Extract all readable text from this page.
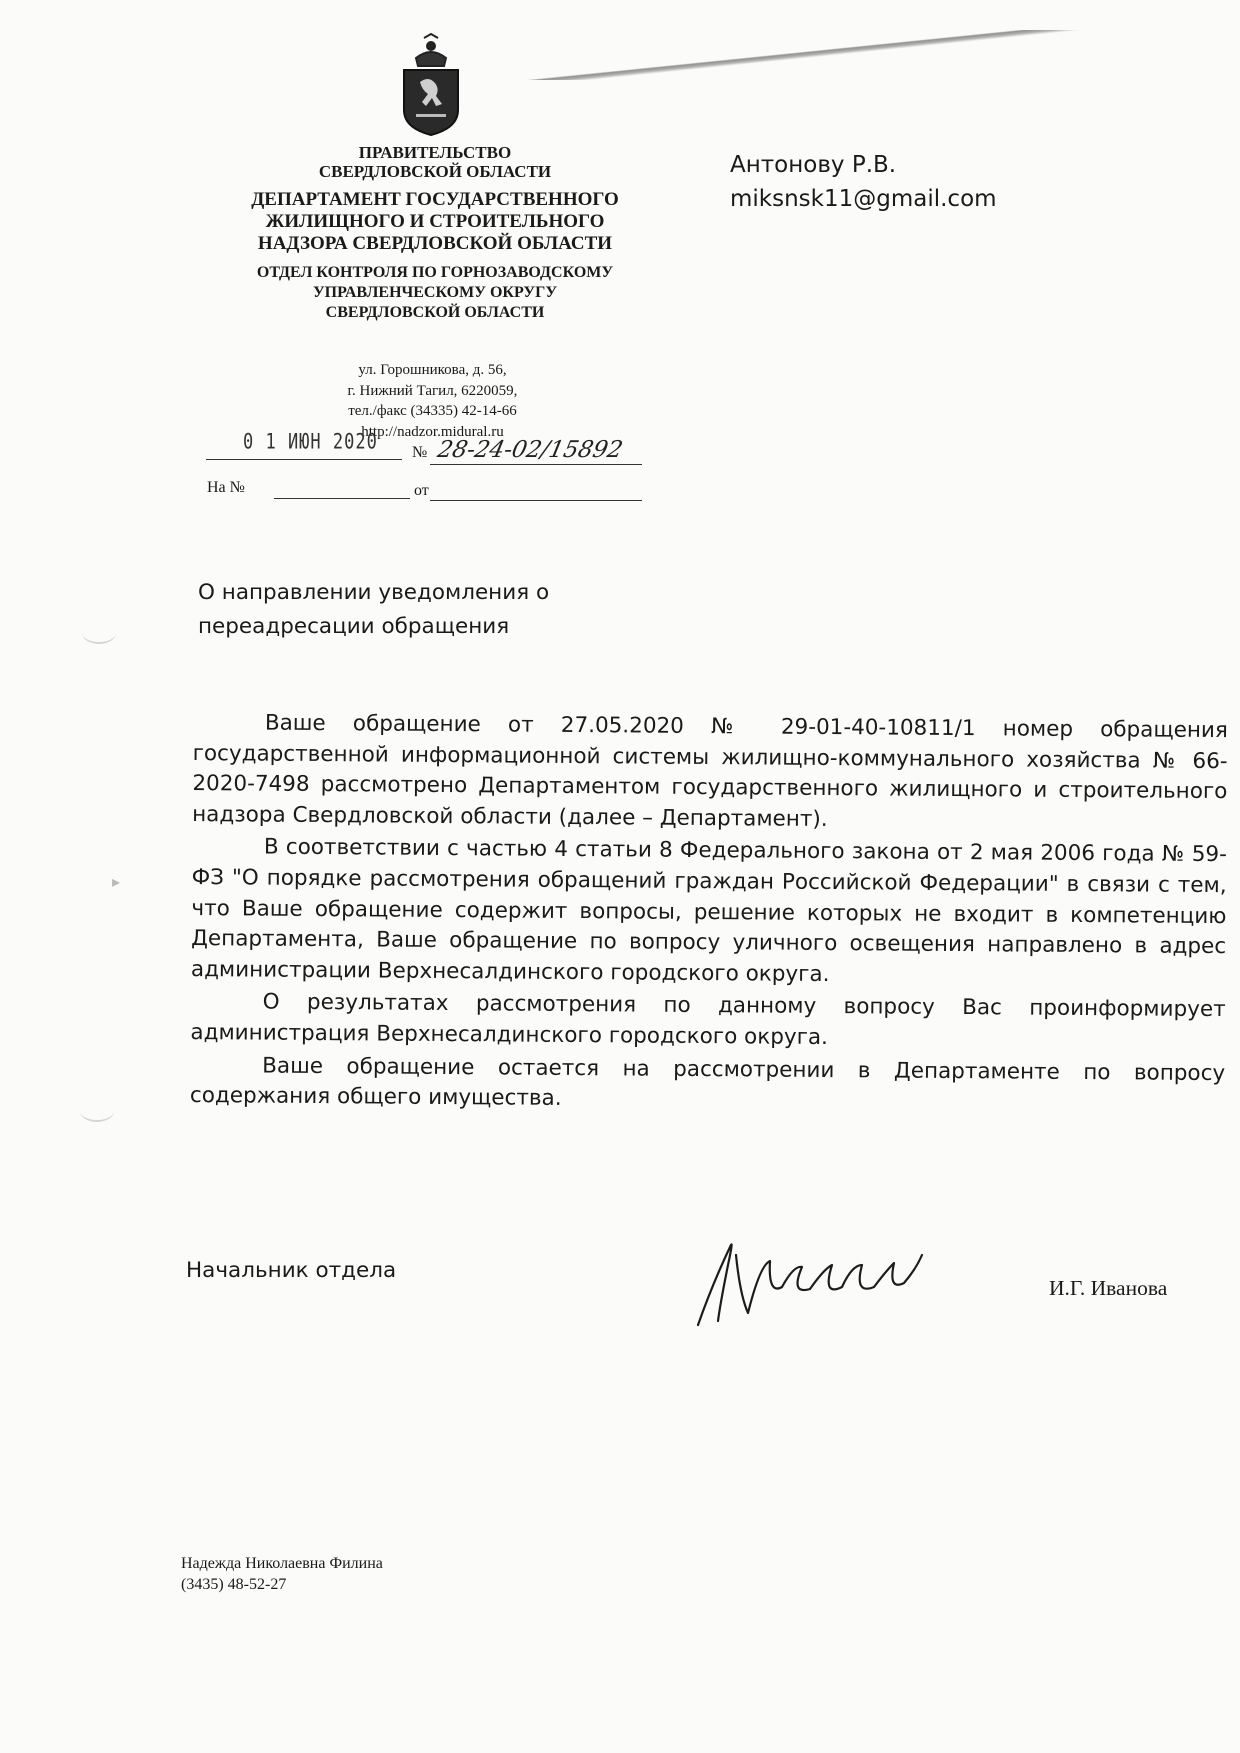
ПРАВИТЕЛЬСТВО
СВЕРДЛОВСКОЙ ОБЛАСТИ
ДЕПАРТАМЕНТ ГОСУДАРСТВЕННОГО
ЖИЛИЩНОГО И СТРОИТЕЛЬНОГО
НАДЗОРА СВЕРДЛОВСКОЙ ОБЛАСТИ
ОТДЕЛ КОНТРОЛЯ ПО ГОРНОЗАВОДСКОМУ
УПРАВЛЕНЧЕСКОМУ ОКРУГУ
СВЕРДЛОВСКОЙ ОБЛАСТИ
ул. Горошникова, д. 56,
г. Нижний Тагил, 6220059,
тел./факс (34335) 42-14-66
http://nadzor.midural.ru
0 1 ИЮН 2020 № 28-24-02/15892
На №	от
Антонову Р.В.
miksnsk11@gmail.com
О направлении уведомления о
переадресации обращения

Ваше обращение от 27.05.2020 № 29-01-40-10811/1 номер обращения государственной информационной системы жилищно-коммунального хозяйства № 66-2020-7498 рассмотрено Департаментом государственного жилищного и строительного надзора Свердловской области (далее – Департамент).

В соответствии с частью 4 статьи 8 Федерального закона от 2 мая 2006 года № 59-ФЗ "О порядке рассмотрения обращений граждан Российской Федерации" в связи с тем, что Ваше обращение содержит вопросы, решение которых не входит в компетенцию Департамента, Ваше обращение по вопросу уличного освещения направлено в адрес администрации Верхнесалдинского городского округа.

О результатах рассмотрения по данному вопросу Вас проинформирует администрация Верхнесалдинского городского округа.

Ваше обращение остается на рассмотрении в Департаменте по вопросу содержания общего имущества.

Начальник отдела
И.Г. Иванова
Надежда Николаевна Филина
(3435) 48-52-27
▸
